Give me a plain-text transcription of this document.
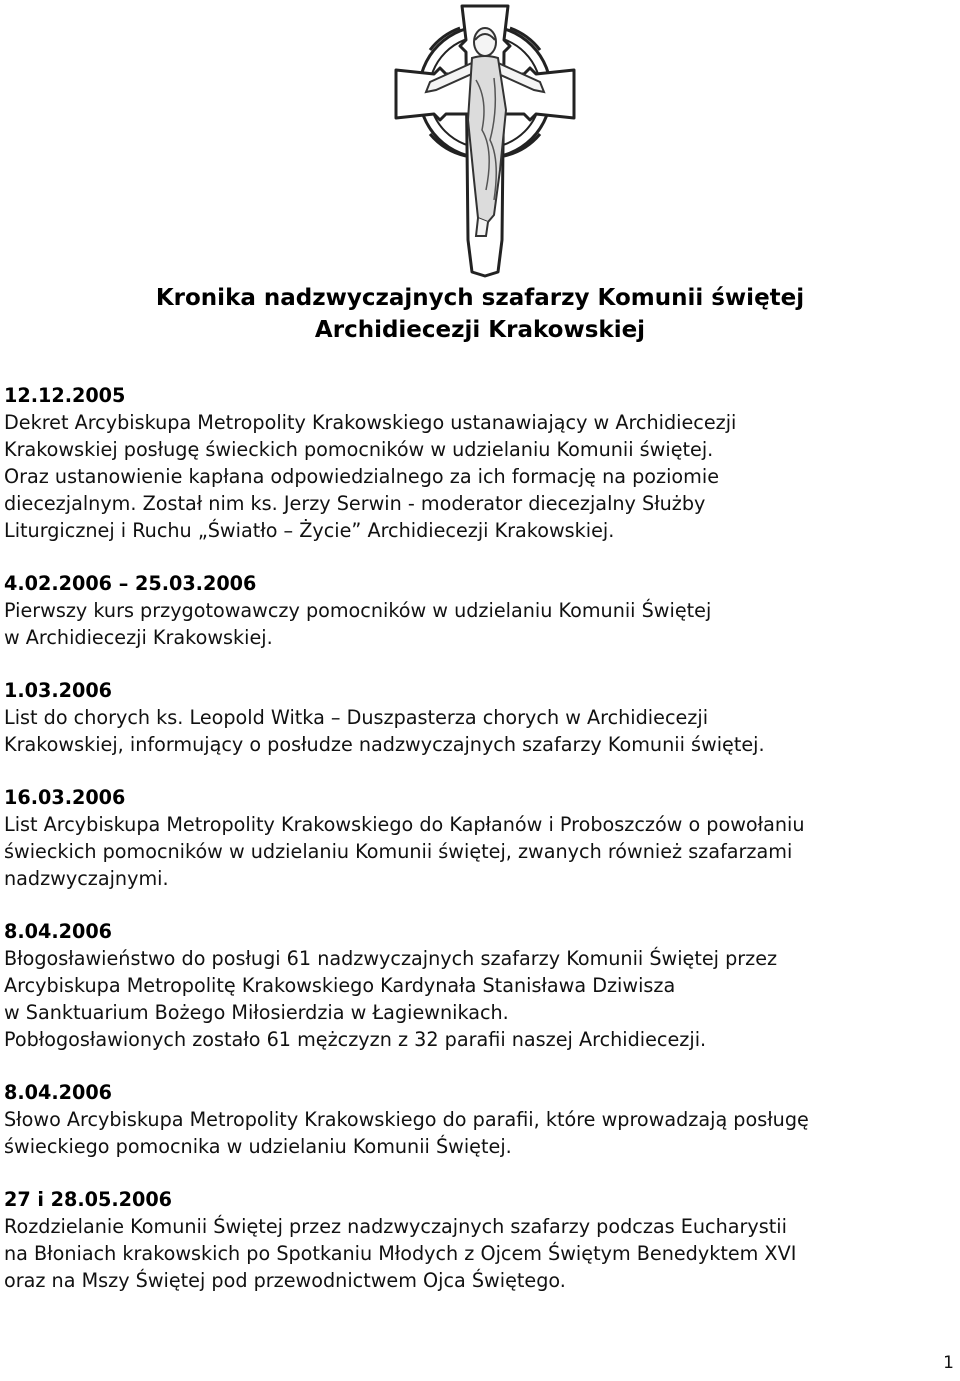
Kronika nadzwyczajnych szafarzy Komunii świętej
Archidiecezji Krakowskiej
12.12.2005
Dekret Arcybiskupa Metropolity Krakowskiego ustanawiający w Archidiecezji
Krakowskiej posługę świeckich pomocników w udzielaniu Komunii świętej.
Oraz ustanowienie kapłana odpowiedzialnego za ich formację na poziomie
diecezjalnym. Został nim ks. Jerzy Serwin - moderator diecezjalny Służby
Liturgicznej i Ruchu „Światło – Życie” Archidiecezji Krakowskiej.
4.02.2006 – 25.03.2006
Pierwszy kurs przygotowawczy pomocników w udzielaniu Komunii Świętej
w Archidiecezji Krakowskiej.
1.03.2006
List do chorych ks. Leopold Witka – Duszpasterza chorych w Archidiecezji
Krakowskiej, informujący o posłudze nadzwyczajnych szafarzy Komunii świętej.
16.03.2006
List Arcybiskupa Metropolity Krakowskiego do Kapłanów i Proboszczów o powołaniu
świeckich pomocników w udzielaniu Komunii świętej, zwanych również szafarzami
nadzwyczajnymi.
8.04.2006
Błogosławieństwo do posługi 61 nadzwyczajnych szafarzy Komunii Świętej przez
Arcybiskupa Metropolitę Krakowskiego Kardynała Stanisława Dziwisza
w Sanktuarium Bożego Miłosierdzia w Łagiewnikach.
Pobłogosławionych zostało 61 mężczyzn z 32 parafii naszej Archidiecezji.
8.04.2006
Słowo Arcybiskupa Metropolity Krakowskiego do parafii, które wprowadzają posługę
świeckiego pomocnika w udzielaniu Komunii Świętej.
27 i 28.05.2006
Rozdzielanie Komunii Świętej przez nadzwyczajnych szafarzy podczas Eucharystii
na Błoniach krakowskich po Spotkaniu Młodych z Ojcem Świętym Benedyktem XVI
oraz na Mszy Świętej pod przewodnictwem Ojca Świętego.
1
